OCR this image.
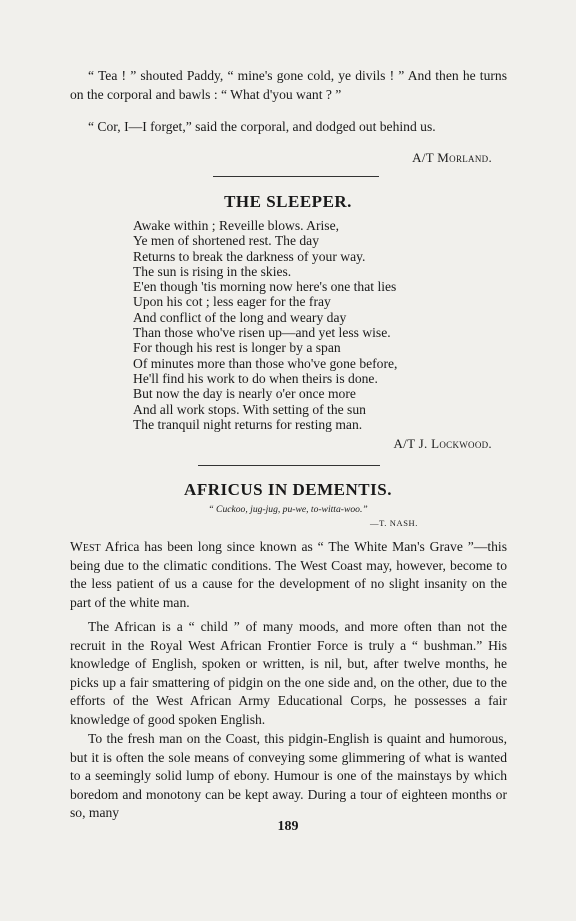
“ Tea ! ” shouted Paddy, “ mine's gone cold, ye divils ! ” And then he turns on the corporal and bawls : “ What d'you want ? ”
“ Cor, I—I forget,” said the corporal, and dodged out behind us.
A/T Morland.
THE SLEEPER.
Awake within ; Reveille blows. Arise,
Ye men of shortened rest. The day
Returns to break the darkness of your way.
The sun is rising in the skies.
E'en though 'tis morning now here's one that lies
Upon his cot ; less eager for the fray
And conflict of the long and weary day
Than those who've risen up—and yet less wise.
For though his rest is longer by a span
Of minutes more than those who've gone before,
He'll find his work to do when theirs is done.
But now the day is nearly o'er once more
And all work stops. With setting of the sun
The tranquil night returns for resting man.
A/T J. Lockwood.
AFRICUS IN DEMENTIS.
“ Cuckoo, jug-jug, pu-we, to-witta-woo.”
—T. NASH.
West Africa has been long since known as “ The White Man's Grave ”—this being due to the climatic conditions. The West Coast may, however, become to the less patient of us a cause for the development of no slight insanity on the part of the white man.
The African is a “ child ” of many moods, and more often than not the recruit in the Royal West African Frontier Force is truly a “ bushman.” His knowledge of English, spoken or written, is nil, but, after twelve months, he picks up a fair smattering of pidgin on the one side and, on the other, due to the efforts of the West African Army Educational Corps, he possesses a fair knowledge of good spoken English.
To the fresh man on the Coast, this pidgin-English is quaint and humorous, but it is often the sole means of conveying some glimmering of what is wanted to a seemingly solid lump of ebony. Humour is one of the mainstays by which boredom and monotony can be kept away. During a tour of eighteen months or so, many
189
